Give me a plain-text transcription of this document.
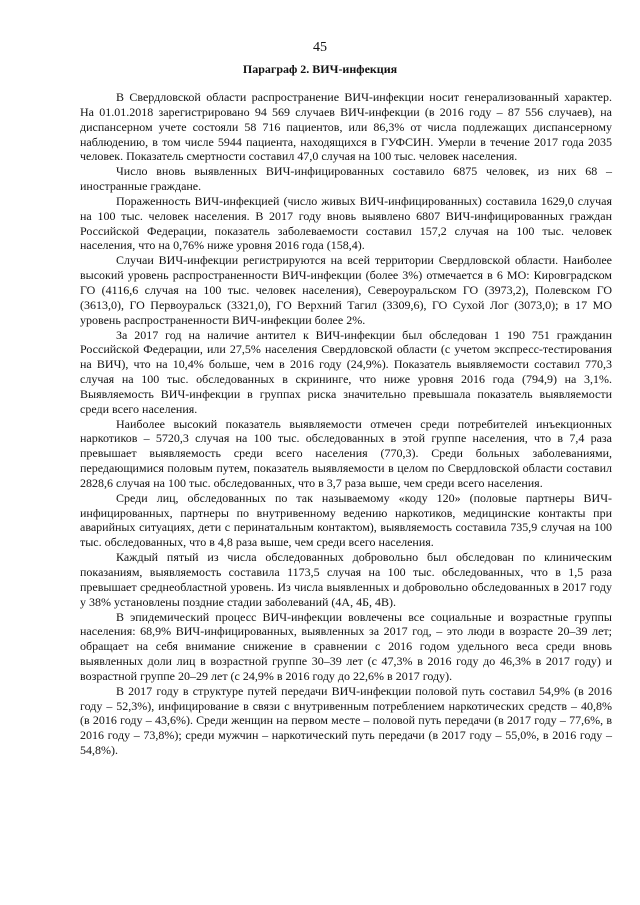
45
Параграф 2. ВИЧ-инфекция

В Свердловской области распространение ВИЧ-инфекции носит генерализованный характер. На 01.01.2018 зарегистрировано 94 569 случаев ВИЧ-инфекции (в 2016 году – 87 556 случаев), на диспансерном учете состояли 58 716 пациентов, или 86,3% от числа подлежащих диспансерному наблюдению, в том числе 5944 пациента, находящихся в ГУФСИН. Умерли в течение 2017 года 2035 человек. Показатель смертности составил 47,0 случая на 100 тыс. человек населения.

Число вновь выявленных ВИЧ-инфицированных составило 6875 человек, из них 68 – иностранные граждане.

Пораженность ВИЧ-инфекцией (число живых ВИЧ-инфицированных) составила 1629,0 случая на 100 тыс. человек населения. В 2017 году вновь выявлено 6807 ВИЧ-инфицированных граждан Российской Федерации, показатель заболеваемости составил 157,2 случая на 100 тыс. человек населения, что на 0,76% ниже уровня 2016 года (158,4).

Случаи ВИЧ-инфекции регистрируются на всей территории Свердловской области. Наиболее высокий уровень распространенности ВИЧ-инфекции (более 3%) отмечается в 6 МО: Кировградском ГО (4116,6 случая на 100 тыс. человек населения), Североуральском ГО (3973,2), Полевском ГО (3613,0), ГО Первоуральск (3321,0), ГО Верхний Тагил (3309,6), ГО Сухой Лог (3073,0); в 17 МО уровень распространенности ВИЧ-инфекции более 2%.

За 2017 год на наличие антител к ВИЧ-инфекции был обследован 1 190 751 гражданин Российской Федерации, или 27,5% населения Свердловской области (с учетом экспресс-тестирования на ВИЧ), что на 10,4% больше, чем в 2016 году (24,9%). Показатель выявляемости составил 770,3 случая на 100 тыс. обследованных в скрининге, что ниже уровня 2016 года (794,9) на 3,1%. Выявляемость ВИЧ-инфекции в группах риска значительно превышала показатель выявляемости среди всего населения.

Наиболее высокий показатель выявляемости отмечен среди потребителей инъекционных наркотиков – 5720,3 случая на 100 тыс. обследованных в этой группе населения, что в 7,4 раза превышает выявляемость среди всего населения (770,3). Среди больных заболеваниями, передающимися половым путем, показатель выявляемости в целом по Свердловской области составил 2828,6 случая на 100 тыс. обследованных, что в 3,7 раза выше, чем среди всего населения.

Среди лиц, обследованных по так называемому «коду 120» (половые партнеры ВИЧ-инфицированных, партнеры по внутривенному ведению наркотиков, медицинские контакты при аварийных ситуациях, дети с перинатальным контактом), выявляемость составила 735,9 случая на 100 тыс. обследованных, что в 4,8 раза выше, чем среди всего населения.

Каждый пятый из числа обследованных добровольно был обследован по клиническим показаниям, выявляемость составила 1173,5 случая на 100 тыс. обследованных, что в 1,5 раза превышает среднеобластной уровень. Из числа выявленных и добровольно обследованных в 2017 году у 38% установлены поздние стадии заболеваний (4А, 4Б, 4В).

В эпидемический процесс ВИЧ-инфекции вовлечены все социальные и возрастные группы населения: 68,9% ВИЧ-инфицированных, выявленных за 2017 год, – это люди в возрасте 20–39 лет; обращает на себя внимание снижение в сравнении с 2016 годом удельного веса среди вновь выявленных доли лиц в возрастной группе 30–39 лет (с 47,3% в 2016 году до 46,3% в 2017 году) и возрастной группе 20–29 лет (с 24,9% в 2016 году до 22,6% в 2017 году).

В 2017 году в структуре путей передачи ВИЧ-инфекции половой путь составил 54,9% (в 2016 году – 52,3%), инфицирование в связи с внутривенным потреблением наркотических средств – 40,8% (в 2016 году – 43,6%). Среди женщин на первом месте – половой путь передачи (в 2017 году – 77,6%, в 2016 году – 73,8%); среди мужчин – наркотический путь передачи (в 2017 году – 55,0%, в 2016 году – 54,8%).
